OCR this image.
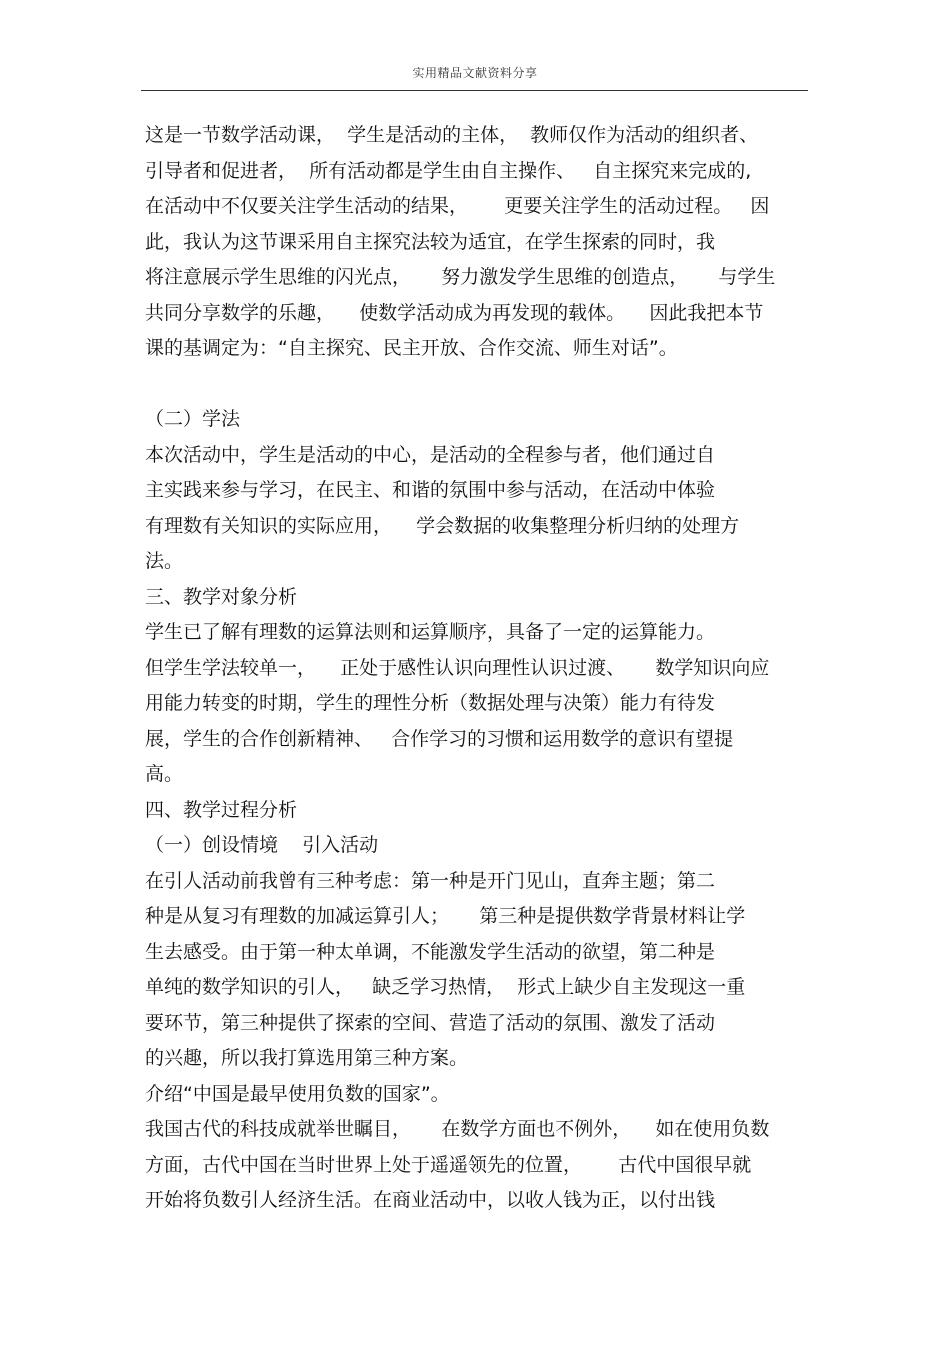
实用精品文献资料分享
这是一节数学活动课，  学生是活动的主体，  教师仅作为活动的组织者、
引导者和促进者，  所有活动都是学生由自主操作、   自主探究来完成的,
在活动中不仅要关注学生活动的结果，      更要关注学生的活动过程。   因
此，我认为这节课采用自主探究法较为适宜，在学生探索的同时，我
将注意展示学生思维的闪光点，     努力激发学生思维的创造点，     与学生
共同分享数学的乐趣，    使数学活动成为再发现的载体。    因此我把本节
课的基调定为：“自主探究、民主开放、合作交流、师生对话”。
（二）学法
本次活动中，学生是活动的中心，是活动的全程参与者，他们通过自
主实践来参与学习，在民主、和谐的氛围中参与活动，在活动中体验
有理数有关知识的实际应用，    学会数据的收集整理分析归纳的处理方
法。
三、教学对象分析
学生已了解有理数的运算法则和运算顺序，具备了一定的运算能力。
但学生学法较单一，    正处于感性认识向理性认识过渡、     数学知识向应
用能力转变的时期，学生的理性分析（数据处理与决策）能力有待发
展，学生的合作创新精神、   合作学习的习惯和运用数学的意识有望提
高。
四、教学过程分析
（一）创设情境    引入活动
在引人活动前我曾有三种考虑：第一种是开门见山，直奔主题；第二
种是从复习有理数的加减运算引人；     第三种是提供数学背景材料让学
生去感受。由于第一种太单调，不能激发学生活动的欲望，第二种是
单纯的数学知识的引人，   缺乏学习热情，  形式上缺少自主发现这一重
要环节，第三种提供了探索的空间、营造了活动的氛围、激发了活动
的兴趣，所以我打算选用第三种方案。
介绍“中国是最早使用负数的国家”。
我国古代的科技成就举世瞩目，     在数学方面也不例外，    如在使用负数
方面，古代中国在当时世界上处于遥遥领先的位置，      古代中国很早就
开始将负数引人经济生活。在商业活动中，以收人钱为正，以付出钱
